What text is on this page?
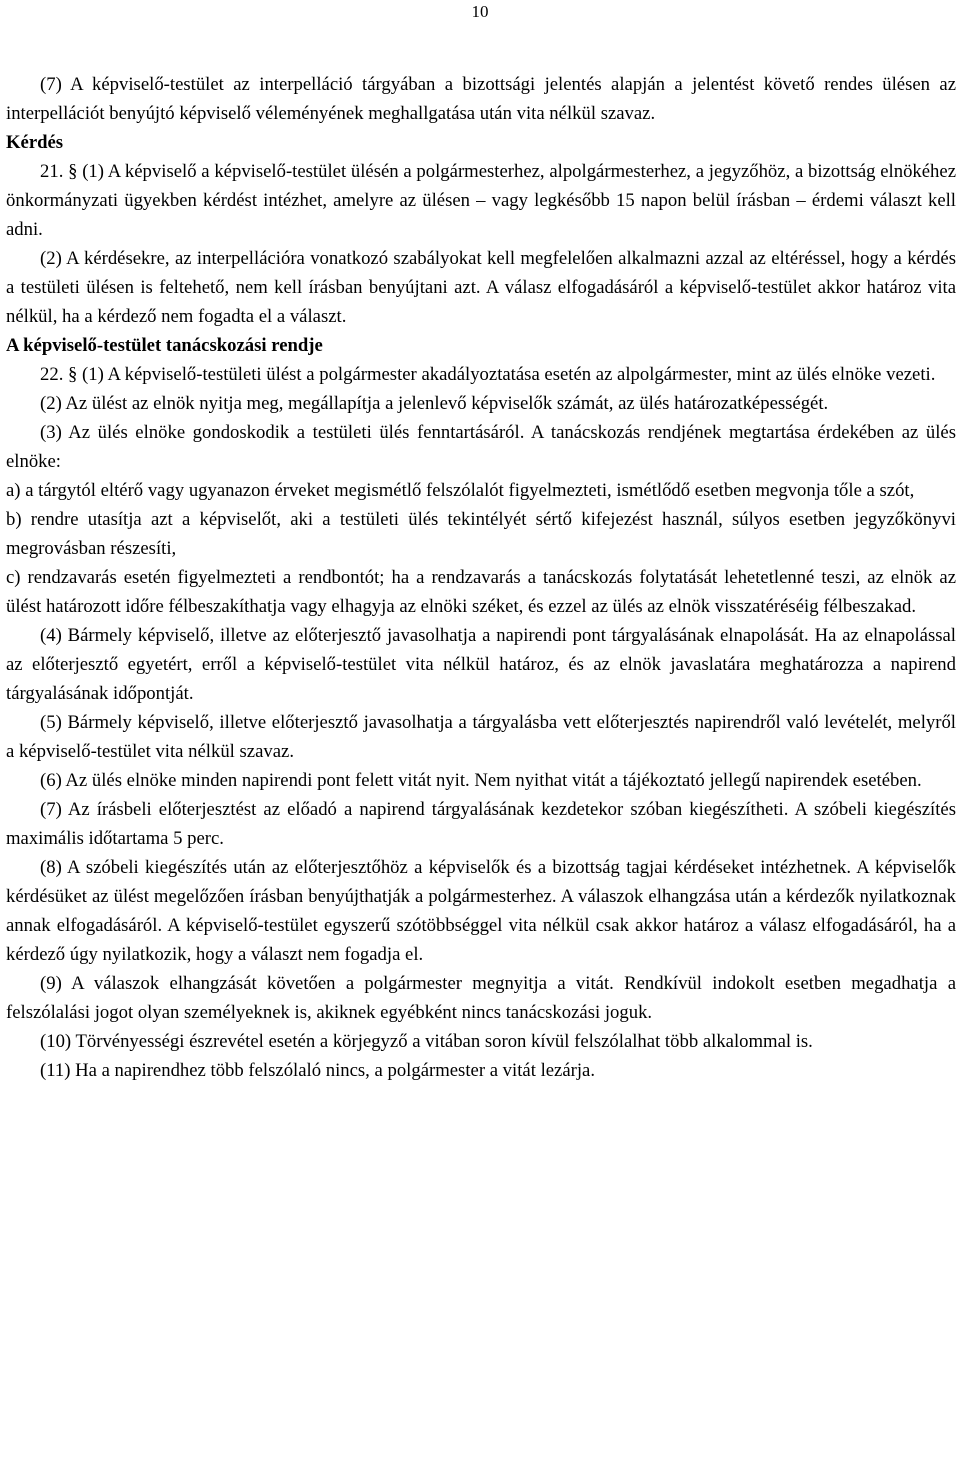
10

(7) A képviselő-testület az interpelláció tárgyában a bizottsági jelentés alapján a jelentést követő rendes ülésen az interpellációt benyújtó képviselő véleményének meghallgatása után vita nélkül szavaz.

Kérdés

21. § (1) A képviselő a képviselő-testület ülésén a polgármesterhez, alpolgármesterhez, a jegyzőhöz, a bizottság elnökéhez önkormányzati ügyekben kérdést intézhet, amelyre az ülésen – vagy legkésőbb 15 napon belül írásban – érdemi választ kell adni.

(2) A kérdésekre, az interpellációra vonatkozó szabályokat kell megfelelően alkalmazni azzal az eltéréssel, hogy a kérdés a testületi ülésen is feltehető, nem kell írásban benyújtani azt. A válasz elfogadásáról a képviselő-testület akkor határoz vita nélkül, ha a kérdező nem fogadta el a választ.

A képviselő-testület tanácskozási rendje

22. § (1) A képviselő-testületi ülést a polgármester akadályoztatása esetén az alpolgármester, mint az ülés elnöke vezeti.

(2) Az ülést az elnök nyitja meg, megállapítja a jelenlevő képviselők számát, az ülés határozatképességét.

(3) Az ülés elnöke gondoskodik a testületi ülés fenntartásáról. A tanácskozás rendjének megtartása érdekében az ülés elnöke:

a) a tárgytól eltérő vagy ugyanazon érveket megismétlő felszólalót figyelmezteti, ismétlődő esetben megvonja tőle a szót,

b) rendre utasítja azt a képviselőt, aki a testületi ülés tekintélyét sértő kifejezést használ, súlyos esetben jegyzőkönyvi megrovásban részesíti,

c) rendzavarás esetén figyelmezteti a rendbontót; ha a rendzavarás a tanácskozás folytatását lehetetlenné teszi, az elnök az ülést határozott időre félbeszakíthatja vagy elhagyja az elnöki széket, és ezzel az ülés az elnök visszatéréséig félbeszakad.

(4) Bármely képviselő, illetve az előterjesztő javasolhatja a napirendi pont tárgyalásának elnapolását. Ha az elnapolással az előterjesztő egyetért, erről a képviselő-testület vita nélkül határoz, és az elnök javaslatára meghatározza a napirend tárgyalásának időpontját.

(5) Bármely képviselő, illetve előterjesztő javasolhatja a tárgyalásba vett előterjesztés napirendről való levételét, melyről a képviselő-testület vita nélkül szavaz.

(6) Az ülés elnöke minden napirendi pont felett vitát nyit. Nem nyithat vitát a tájékoztató jellegű napirendek esetében.

(7) Az írásbeli előterjesztést az előadó a napirend tárgyalásának kezdetekor szóban kiegészítheti. A szóbeli kiegészítés maximális időtartama 5 perc.

(8) A szóbeli kiegészítés után az előterjesztőhöz a képviselők és a bizottság tagjai kérdéseket intézhetnek. A képviselők kérdésüket az ülést megelőzően írásban benyújthatják a polgármesterhez. A válaszok elhangzása után a kérdezők nyilatkoznak annak elfogadásáról. A képviselő-testület egyszerű szótöbbséggel vita nélkül csak akkor határoz a válasz elfogadásáról, ha a kérdező úgy nyilatkozik, hogy a választ nem fogadja el.

(9) A válaszok elhangzását követően a polgármester megnyitja a vitát. Rendkívül indokolt esetben megadhatja a felszólalási jogot olyan személyeknek is, akiknek egyébként nincs tanácskozási joguk.

(10) Törvényességi észrevétel esetén a körjegyző a vitában soron kívül felszólalhat több alkalommal is.

(11) Ha a napirendhez több felszólaló nincs, a polgármester a vitát lezárja.
